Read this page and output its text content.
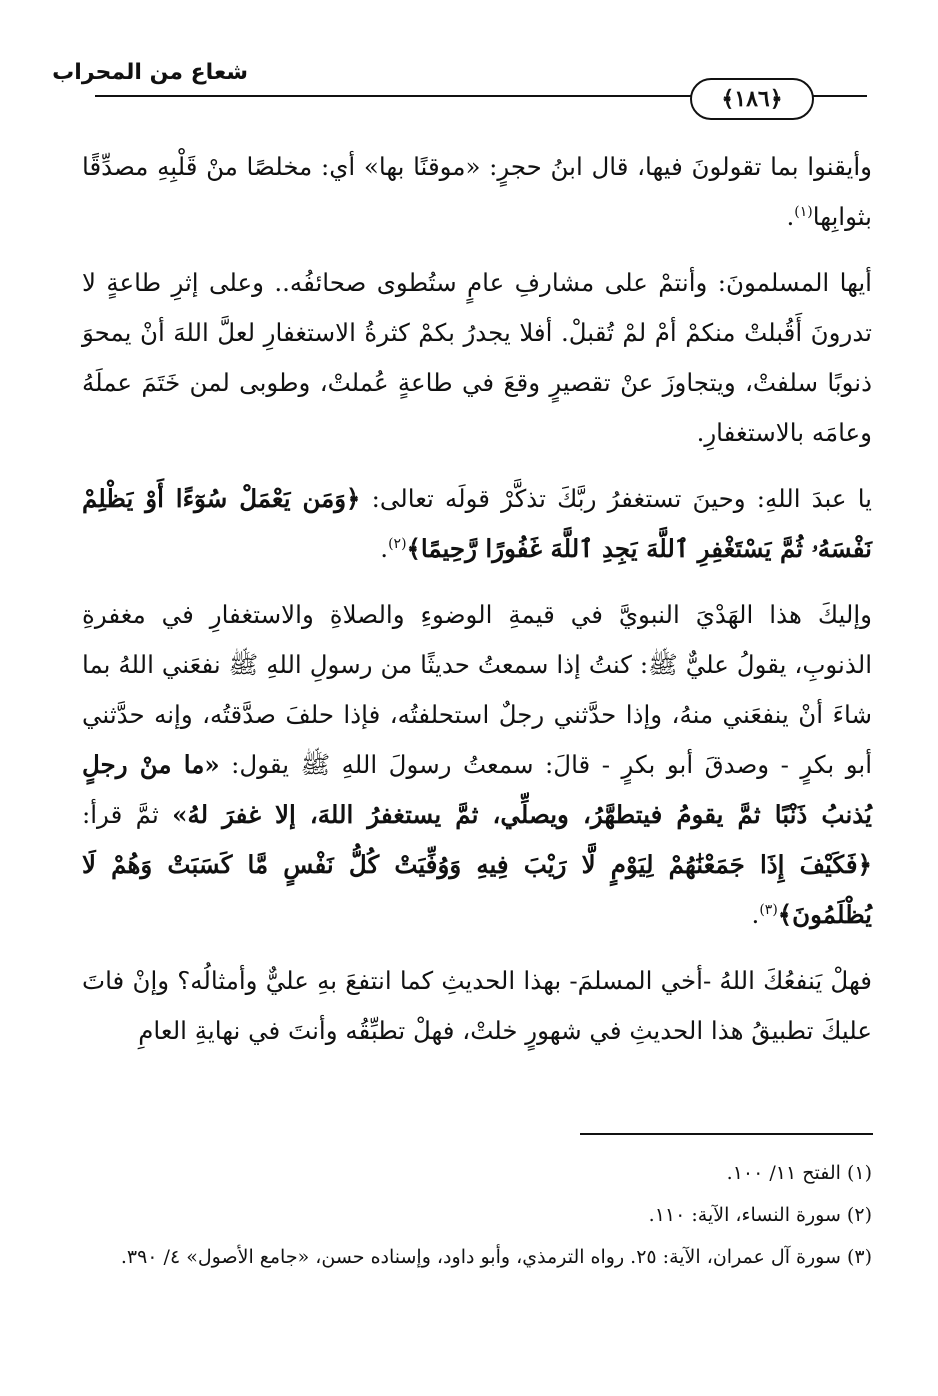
شعاع من المحراب
﴿١٨٦﴾

وأيقنوا بما تقولونَ فيها، قال ابنُ حجرٍ: «موقنًا بها» أي: مخلصًا منْ قَلْبِهِ مصدِّقًا بثوابِها$^{(١)}$.

أيها المسلمونَ: وأنتمْ على مشارفِ عامٍ ستُطوى صحائفُه.. وعلى إثرِ طاعةٍ لا تدرونَ أَقُبلتْ منكمْ أمْ لمْ تُقبلْ. أفلا يجدرُ بكمْ كثرةُ الاستغفارِ لعلَّ اللهَ أنْ يمحوَ ذنوبًا سلفتْ، ويتجاوزَ عنْ تقصيرٍ وقعَ في طاعةٍ عُملتْ، وطوبى لمن خَتَمَ عملَهُ وعامَه بالاستغفارِ.

يا عبدَ اللهِ: وحينَ تستغفرُ ربَّكَ تذكَّرْ قولَه تعالى: ﴿وَمَن يَعْمَلْ سُوٓءًا أَوْ يَظْلِمْ نَفْسَهُۥ ثُمَّ يَسْتَغْفِرِ ٱللَّهَ يَجِدِ ٱللَّهَ غَفُورًا رَّحِيمًا﴾$^{(٢)}$.

وإليكَ هذا الهَدْيَ النبويَّ في قيمةِ الوضوءِ والصلاةِ والاستغفارِ في مغفرةِ الذنوبِ، يقولُ عليٌّ ﷺ: كنتُ إذا سمعتُ حديثًا من رسولِ اللهِ ﷺ نفعَني اللهُ بما شاءَ أنْ ينفعَني منهُ، وإذا حدَّثني رجلٌ استحلفتُه، فإذا حلفَ صدَّقتُه، وإنه حدَّثني أبو بكرٍ - وصدقَ أبو بكرٍ - قالَ: سمعتُ رسولَ اللهِ ﷺ يقول: «ما منْ رجلٍ يُذنبُ ذَنْبًا ثمَّ يقومُ فيتطهَّرُ، ويصلِّي، ثمَّ يستغفرُ اللهَ، إلا غفرَ لهُ» ثمَّ قرأ: ﴿فَكَيْفَ إِذَا جَمَعْنَٰهُمْ لِيَوْمٍ لَّا رَيْبَ فِيهِ وَوُفِّيَتْ كُلُّ نَفْسٍ مَّا كَسَبَتْ وَهُمْ لَا يُظْلَمُونَ﴾$^{(٣)}$.

فهلْ يَنفعُكَ اللهُ -أخي المسلمَ- بهذا الحديثِ كما انتفعَ بهِ عليٌّ وأمثالُه؟ وإنْ فاتَ عليكَ تطبيقُ هذا الحديثِ في شهورٍ خلتْ، فهلْ تطبِّقُه وأنتَ في نهايةِ العامِ

(١) الفتح ١١/ ١٠٠.
(٢) سورة النساء، الآية: ١١٠.
(٣) سورة آل عمران، الآية: ٢٥. رواه الترمذي، وأبو داود، وإسناده حسن، «جامع الأصول» ٤/ ٣٩٠.
